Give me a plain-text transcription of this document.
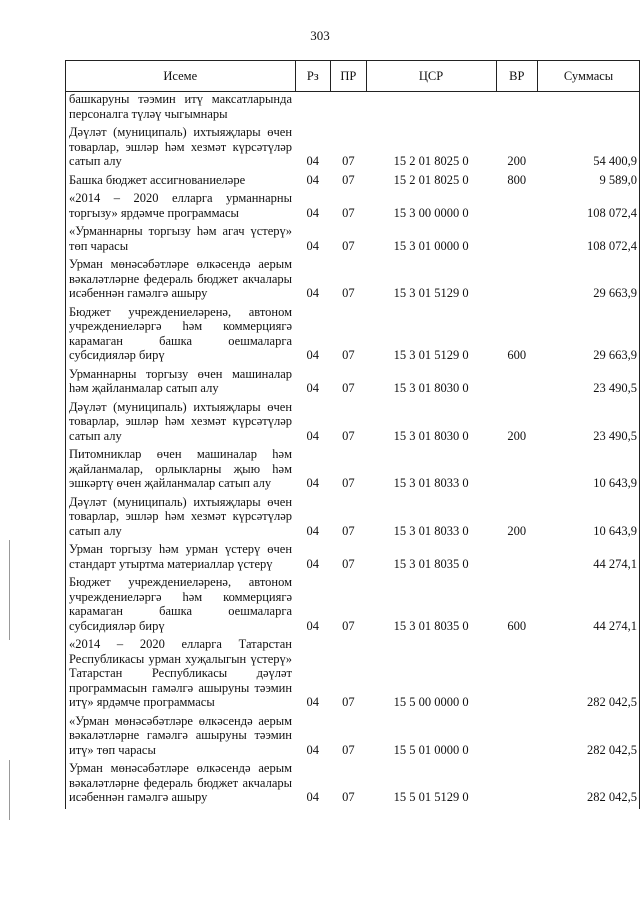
303
Исеме	Рз	ПР	ЦСР	ВР	Суммасы
башкаруны тәэмин итү максатларында персоналга түләү чыгымнары					
Дәүләт (муниципаль) ихтыяҗлары өчен товарлар, эшләр һәм хезмәт күрсәтүләр сатып алу	04	07	15 2 01 8025 0	200	54 400,9
Башка бюджет ассигнованиеләре	04	07	15 2 01 8025 0	800	9 589,0
«2014 – 2020 елларга урманнарны торгызу» ярдәмче программасы	04	07	15 3 00 0000 0		108 072,4
«Урманнарны торгызу һәм агач үстерү» төп чарасы	04	07	15 3 01 0000 0		108 072,4
Урман мөнәсәбәтләре өлкәсендә аерым вәкаләтләрне федераль бюджет акчалары исәбеннән гамәлгә ашыру	04	07	15 3 01 5129 0		29 663,9
Бюджет учреждениеләренә, автоном учреждениеләргә һәм коммерциягә карамаган башка оешмаларга субсидияләр бирү	04	07	15 3 01 5129 0	600	29 663,9
Урманнарны торгызу өчен машиналар һәм җайланмалар сатып алу	04	07	15 3 01 8030 0		23 490,5
Дәүләт (муниципаль) ихтыяҗлары өчен товарлар, эшләр һәм хезмәт күрсәтүләр сатып алу	04	07	15 3 01 8030 0	200	23 490,5
Питомниклар өчен машиналар һәм җайланмалар, орлыкларны җыю һәм эшкәртү өчен җайланмалар сатып алу	04	07	15 3 01 8033 0		10 643,9
Дәүләт (муниципаль) ихтыяҗлары өчен товарлар, эшләр һәм хезмәт күрсәтүләр сатып алу	04	07	15 3 01 8033 0	200	10 643,9
Урман торгызу һәм урман үстерү өчен стандарт утыртма материаллар үстерү	04	07	15 3 01 8035 0		44 274,1
Бюджет учреждениеләренә, автоном учреждениеләргә һәм коммерциягә карамаган башка оешмаларга субсидияләр бирү	04	07	15 3 01 8035 0	600	44 274,1
«2014 – 2020 елларга Татарстан Республикасы урман хуҗалыгын үстерү» Татарстан Республикасы дәүләт программасын гамәлгә ашыруны тәэмин итү» ярдәмче программасы	04	07	15 5 00 0000 0		282 042,5
«Урман мөнәсәбәтләре өлкәсендә аерым вәкаләтләрне гамәлгә ашыруны тәэмин итү» төп чарасы	04	07	15 5 01 0000 0		282 042,5
Урман мөнәсәбәтләре өлкәсендә аерым вәкаләтләрне федераль бюджет акчалары исәбеннән гамәлгә ашыру	04	07	15 5 01 5129 0		282 042,5
